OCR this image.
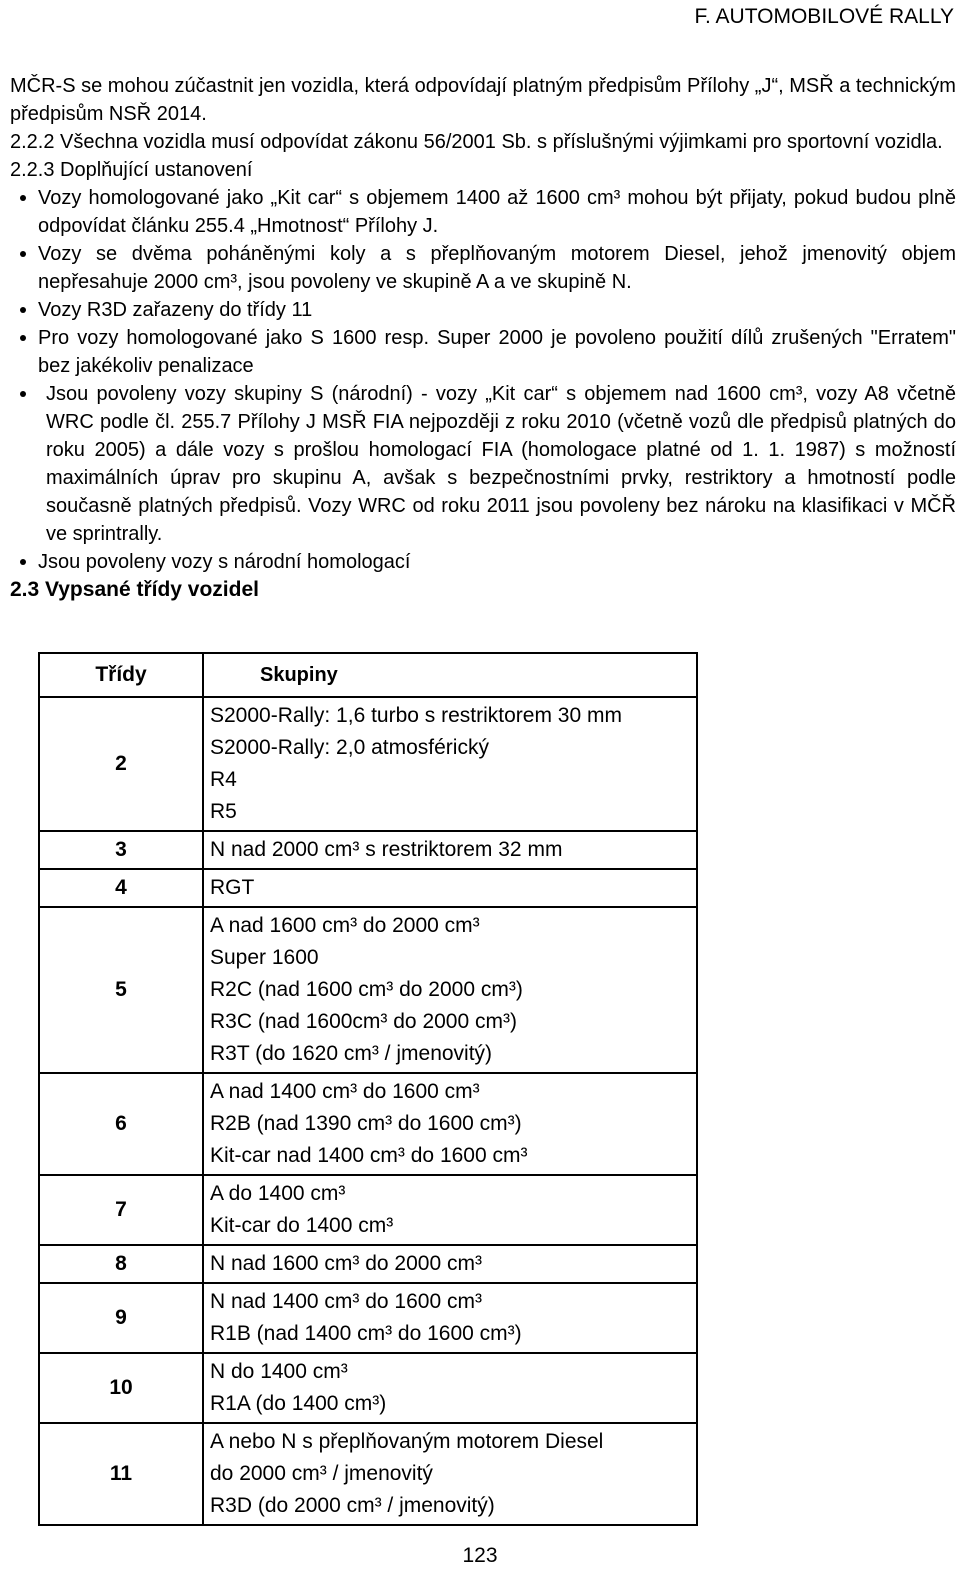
F. AUTOMOBILOVÉ RALLY

MČR-S se mohou zúčastnit jen vozidla, která odpovídají platným předpisům Přílohy „J“, MSŘ a technickým předpisům NSŘ 2014.

2.2.2 Všechna vozidla musí odpovídat zákonu 56/2001 Sb. s příslušnými výjimkami pro sportovní vozidla. 2.2.3 Doplňující ustanovení

Vozy homologované jako „Kit car“ s objemem 1400 až 1600 cm³ mohou být přijaty, pokud budou plně odpovídat článku 255.4 „Hmotnost“ Přílohy J.
Vozy se dvěma poháněnými koly a s přeplňovaným motorem Diesel, jehož jmenovitý objem nepřesahuje 2000 cm³, jsou povoleny ve skupině A a ve skupině N.
Vozy R3D zařazeny do třídy 11
Pro vozy homologované jako S 1600 resp. Super 2000 je povoleno použití dílů zrušených "Erratem" bez jakékoliv penalizace
Jsou povoleny vozy skupiny S (národní) - vozy „Kit car“ s objemem nad 1600 cm³, vozy A8 včetně WRC podle čl. 255.7 Přílohy J MSŘ FIA nejpozději z roku 2010 (včetně vozů dle předpisů platných do roku 2005) a dále vozy s prošlou homologací FIA (homologace platné od 1. 1. 1987) s možností maximálních úprav pro skupinu A, avšak s bezpečnostními prvky, restriktory a hmotností podle současně platných předpisů. Vozy WRC od roku 2011 jsou povoleny bez nároku na klasifikaci v MČŘ ve sprintrally.
Jsou povoleny vozy s národní homologací

2.3 Vypsané třídy vozidel

Třídy	Skupiny
2	S2000-Rally: 1,6 turbo s restriktorem 30 mm
S2000-Rally: 2,0 atmosférický
R4
R5

3	N nad 2000 cm³ s restriktorem 32 mm

4	RGT

5	A nad 1600 cm³ do 2000 cm³
Super 1600
R2C (nad 1600 cm³ do 2000 cm³)
R3C (nad 1600cm³ do 2000 cm³)
R3T (do 1620 cm³ / jmenovitý)

6	A nad 1400 cm³ do 1600 cm³
R2B (nad 1390 cm³ do 1600 cm³)
Kit-car nad 1400 cm³ do 1600 cm³

7	A do 1400 cm³
Kit-car do 1400 cm³

8	N nad 1600 cm³ do 2000 cm³

9	N nad 1400 cm³ do 1600 cm³
R1B (nad 1400 cm³ do 1600 cm³)

10	N do 1400 cm³
R1A (do 1400 cm³)

11	A nebo N s přeplňovaným motorem Diesel
do 2000 cm³ / jmenovitý
R3D (do 2000 cm³ / jmenovitý)
123
